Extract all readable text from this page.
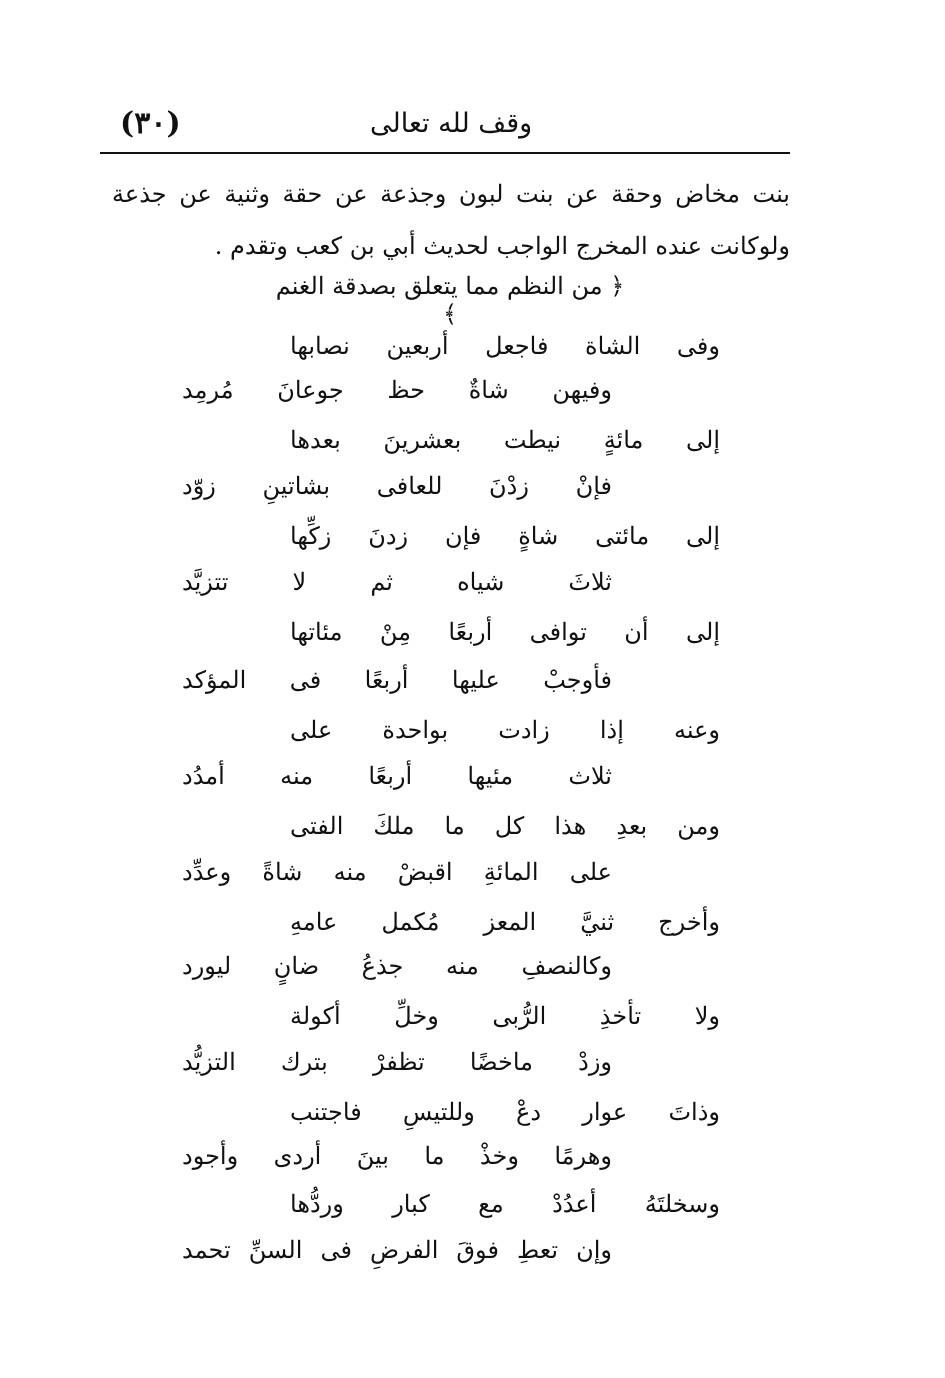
(٣٠)	وقف لله تعالى
بنت مخاض وحقة عن بنت لبون وجذعة عن حقة وثنية عن جذعة ولوكانت عنده المخرج الواجب لحديث أبي بن كعب وتقدم .
﴿ من النظم مما يتعلق بصدقة الغنم ﴾
وفى الشاة فاجعل أربعين نصابها
وفيهن شاةٌ حظ جوعانَ مُرمِد
إلى مائةٍ نيطت بعشرينَ بعدها
فإنْ زدْنَ للعافى بشاتينِ زوّد
إلى مائتى شاةٍ فإن زدنَ زكِّها
ثلاثَ شياه ثم لا تتزيَّد
إلى أن توافى أربعًا مِنْ مئاتها
فأوجبْ عليها أربعًا فى المؤكد
وعنه إذا زادت بواحدة على
ثلاث مئيها أربعًا منه أمدُد
ومن بعدِ هذا كل ما ملكَ الفتى
على المائةِ اقبضْ منه شاةً وعدِّد
وأخرج ثنيَّ المعز مُكمل عامهِ
وكالنصفِ منه جذعُ ضانٍ ليورد
ولا تأخذِ الرُّبى وخلِّ أكولة
وزدْ ماخضًا تظفرْ بترك التزيُّد
وذاتَ عوار دعْ وللتيسِ فاجتنب
وهرمًا وخذْ ما بينَ أردى وأجود
وسخلتَهُ أعدُدْ مع كبار وردُّها
وإن تعطِ فوقَ الفرضِ فى السنِّ تحمد
